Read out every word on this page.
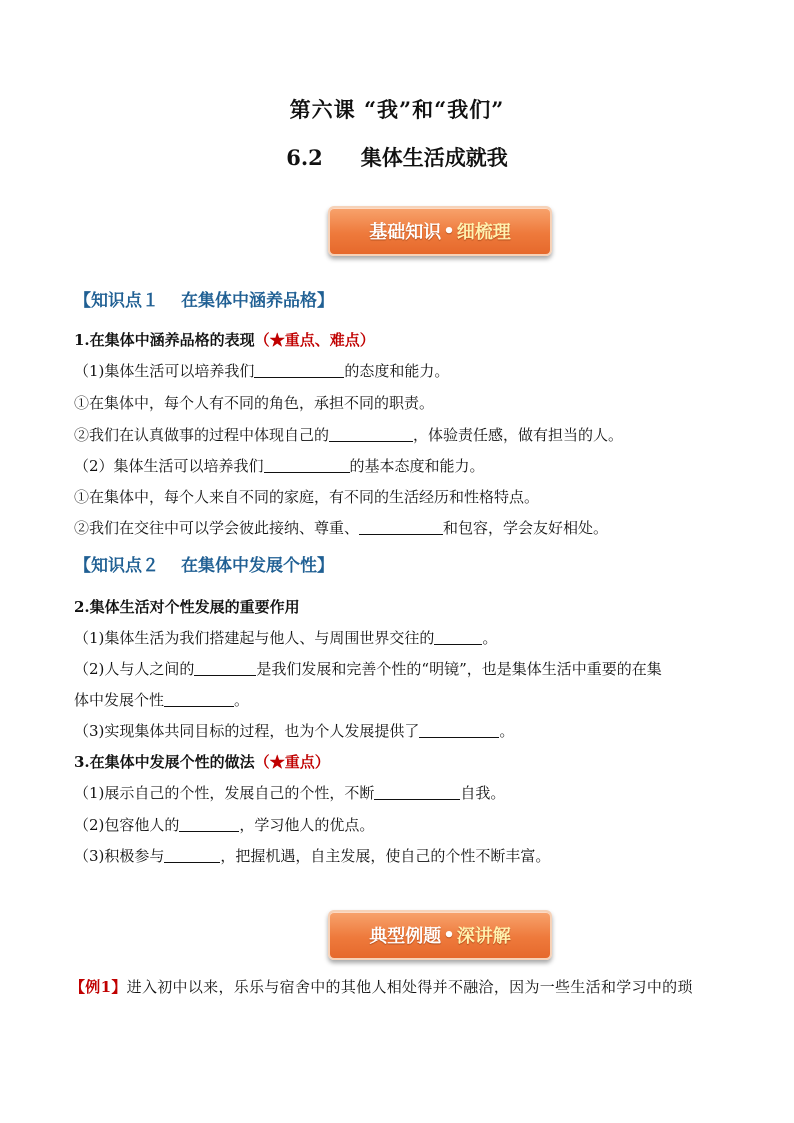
第六课 “我”和“我们”
6.2 集体生活成就我
基础知识 • 细梳理
【知识点１ 在集体中涵养品格】
1.在集体中涵养品格的表现（★重点、难点）
（1)集体生活可以培养我们	的态度和能力。
①在集体中，每个人有不同的角色，承担不同的职责。
②我们在认真做事的过程中体现自己的	，体验责任感，做有担当的人。
（2）集体生活可以培养我们	的基本态度和能力。
①在集体中，每个人来自不同的家庭，有不同的生活经历和性格特点。
②我们在交往中可以学会彼此接纳、尊重、	和包容，学会友好相处。
【知识点２ 在集体中发展个性】
2.集体生活对个性发展的重要作用
（1)集体生活为我们搭建起与他人、与周围世界交往的	。
（2)人与人之间的	是我们发展和完善个性的“明镜”，也是集体生活中重要的在集
体中发展个性	。
（3)实现集体共同目标的过程，也为个人发展提供了	。
3.在集体中发展个性的做法（★重点）
（1)展示自己的个性，发展自己的个性，不断	自我。
（2)包容他人的	，学习他人的优点。
（3)积极参与	，把握机遇，自主发展，使自己的个性不断丰富。
典型例题 • 深讲解
【例1】进入初中以来，乐乐与宿舍中的其他人相处得并不融洽，因为一些生活和学习中的琐
